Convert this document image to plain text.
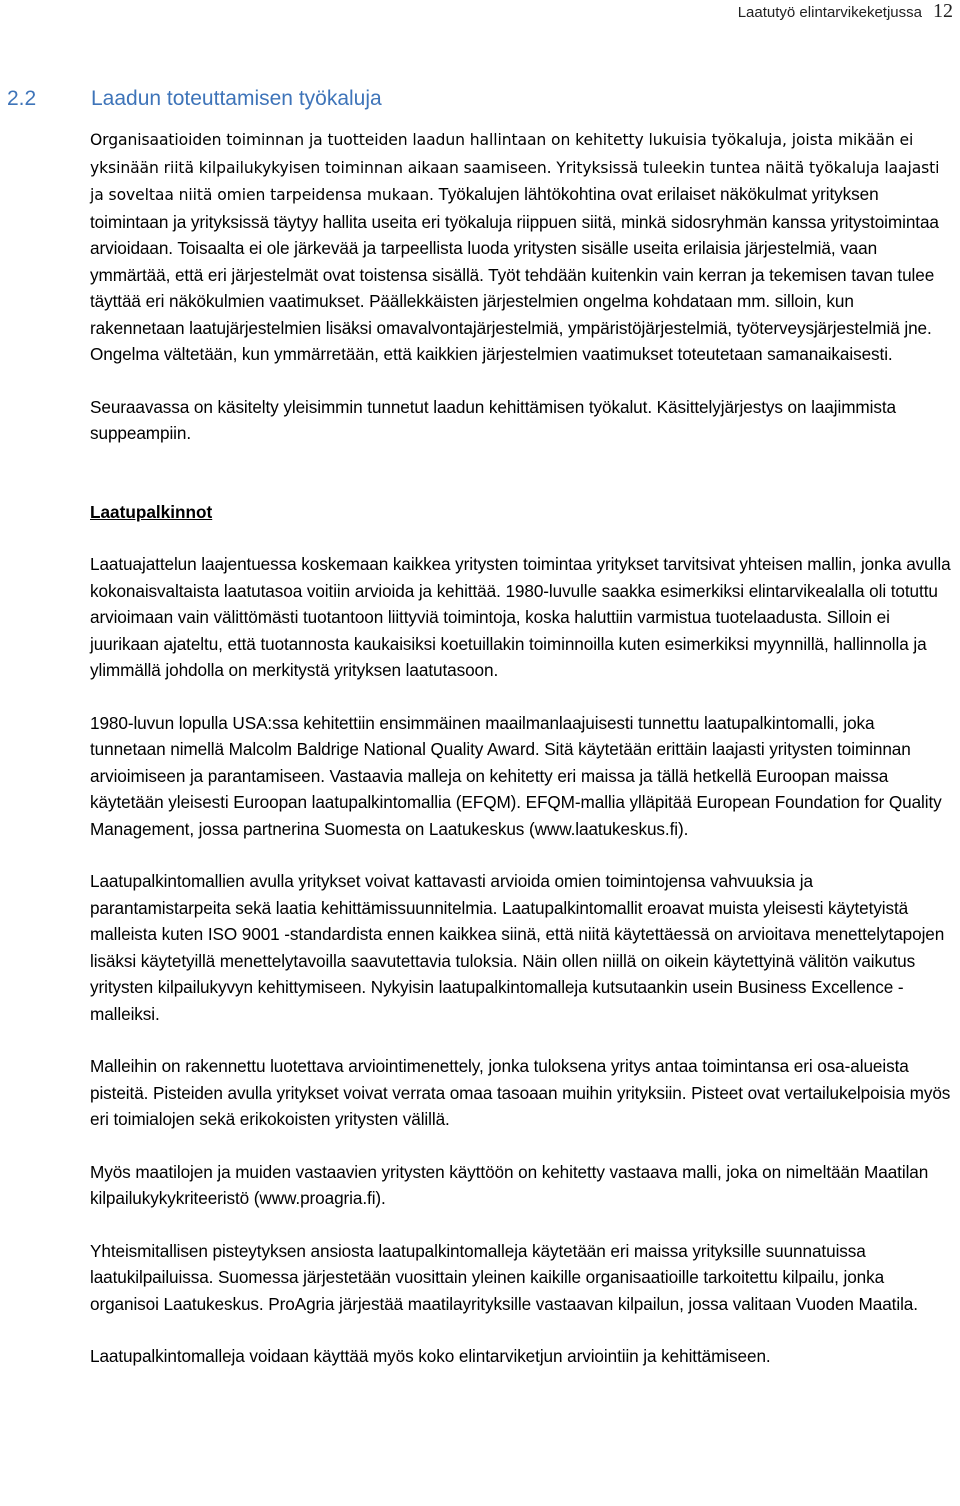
Laatutyö elintarvikeketjussa 12
2.2	Laadun toteuttamisen työkaluja

Organisaatioiden toiminnan ja tuotteiden laadun hallintaan on kehitetty lukuisia työkaluja, joista mikään ei yksinään riitä kilpailukykyisen toiminnan aikaan saamiseen. Yrityksissä tuleekin tuntea näitä työkaluja laajasti ja soveltaa niitä omien tarpeidensa mukaan. Työkalujen lähtökohtina ovat erilaiset näkökulmat yrityksen toimintaan ja yrityksissä täytyy hallita useita eri työkaluja riippuen siitä, minkä sidosryhmän kanssa yritystoimintaa arvioidaan. Toisaalta ei ole järkevää ja tarpeellista luoda yritysten sisälle useita erilaisia järjestelmiä, vaan ymmärtää, että eri järjestelmät ovat toistensa sisällä. Työt tehdään kuitenkin vain kerran ja tekemisen tavan tulee täyttää eri näkökulmien vaatimukset. Päällekkäisten järjestelmien ongelma kohdataan mm. silloin, kun rakennetaan laatujärjestelmien lisäksi omavalvontajärjestelmiä, ympäristöjärjestelmiä, työterveysjärjestelmiä jne. Ongelma vältetään, kun ymmärretään, että kaikkien järjestelmien vaatimukset toteutetaan samanaikaisesti.

Seuraavassa on käsitelty yleisimmin tunnetut laadun kehittämisen työkalut. Käsittelyjärjestys on laajimmista suppeampiin.

Laatupalkinnot

Laatuajattelun laajentuessa koskemaan kaikkea yritysten toimintaa yritykset tarvitsivat yhteisen mallin, jonka avulla kokonaisvaltaista laatutasoa voitiin arvioida ja kehittää. 1980-luvulle saakka esimerkiksi elintarvikealalla oli totuttu arvioimaan vain välittömästi tuotantoon liittyviä toimintoja, koska haluttiin varmistua tuotelaadusta. Silloin ei juurikaan ajateltu, että tuotannosta kaukaisiksi koetuillakin toiminnoilla kuten esimerkiksi myynnillä, hallinnolla ja ylimmällä johdolla on merkitystä yrityksen laatutasoon.

1980-luvun lopulla USA:ssa kehitettiin ensimmäinen maailmanlaajuisesti tunnettu laatupalkintomalli, joka tunnetaan nimellä Malcolm Baldrige National Quality Award. Sitä käytetään erittäin laajasti yritysten toiminnan arvioimiseen ja parantamiseen. Vastaavia malleja on kehitetty eri maissa ja tällä hetkellä Euroopan maissa käytetään yleisesti Euroopan laatupalkintomallia (EFQM). EFQM-mallia ylläpitää European Foundation for Quality Management, jossa partnerina Suomesta on Laatukeskus (www.laatukeskus.fi).

Laatupalkintomallien avulla yritykset voivat kattavasti arvioida omien toimintojensa vahvuuksia ja parantamistarpeita sekä laatia kehittämissuunnitelmia. Laatupalkintomallit eroavat muista yleisesti käytetyistä malleista kuten ISO 9001 -standardista ennen kaikkea siinä, että niitä käytettäessä on arvioitava menettelytapojen lisäksi käytetyillä menettelytavoilla saavutettavia tuloksia. Näin ollen niillä on oikein käytettyinä välitön vaikutus yritysten kilpailukyvyn kehittymiseen. Nykyisin laatupalkintomalleja kutsutaankin usein Business Excellence -malleiksi.

Malleihin on rakennettu luotettava arviointimenettely, jonka tuloksena yritys antaa toimintansa eri osa-alueista pisteitä. Pisteiden avulla yritykset voivat verrata omaa tasoaan muihin yrityksiin. Pisteet ovat vertailukelpoisia myös eri toimialojen sekä erikokoisten yritysten välillä.

Myös maatilojen ja muiden vastaavien yritysten käyttöön on kehitetty vastaava malli, joka on nimeltään Maatilan kilpailukykykriteeristö (www.proagria.fi).

Yhteismitallisen pisteytyksen ansiosta laatupalkintomalleja käytetään eri maissa yrityksille suunnatuissa laatukilpailuissa. Suomessa järjestetään vuosittain yleinen kaikille organisaatioille tarkoitettu kilpailu, jonka organisoi Laatukeskus. ProAgria järjestää maatilayrityksille vastaavan kilpailun, jossa valitaan Vuoden Maatila.

Laatupalkintomalleja voidaan käyttää myös koko elintarviketjun arviointiin ja kehittämiseen.
